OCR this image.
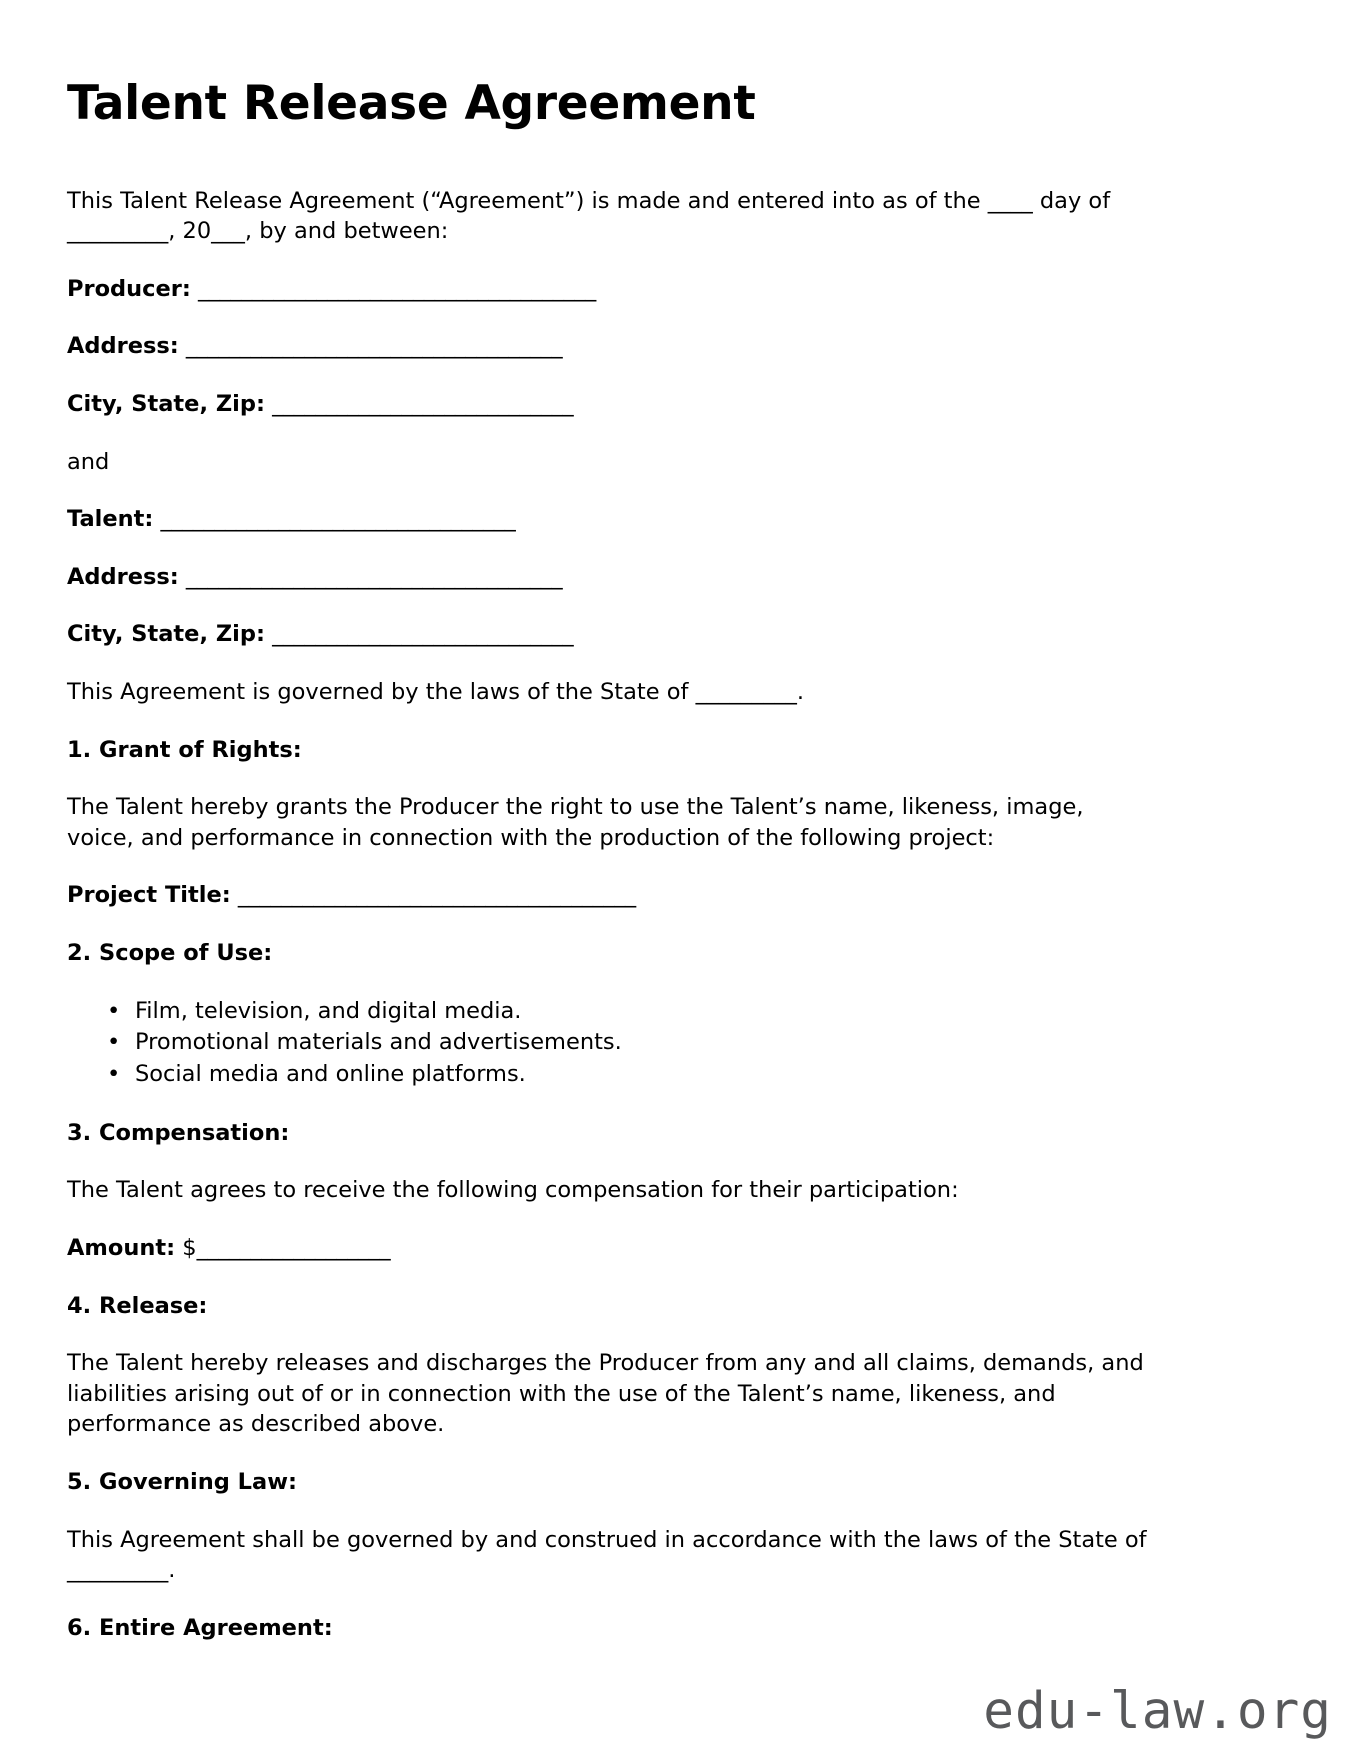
Talent Release Agreement

This Talent Release Agreement (“Agreement”) is made and entered into as of the ____ day of _________, 20___, by and between:

Producer: _____________________________________
Address: ___________________________________
City, State, Zip: ____________________________
and
Talent: _________________________________
Address: ___________________________________
City, State, Zip: ____________________________

This Agreement is governed by the laws of the State of _________.

1. Grant of Rights:

The Talent hereby grants the Producer the right to use the Talent’s name, likeness, image, voice, and performance in connection with the production of the following project:

Project Title: _____________________________________
2. Scope of Use:
• Film, television, and digital media.
• Promotional materials and advertisements.
• Social media and online platforms.
3. Compensation:

The Talent agrees to receive the following compensation for their participation:

Amount: $__________________
4. Release:

The Talent hereby releases and discharges the Producer from any and all claims, demands, and liabilities arising out of or in connection with the use of the Talent’s name, likeness, and performance as described above.

5. Governing Law:

This Agreement shall be governed by and construed in accordance with the laws of the State of _________.

6. Entire Agreement:
edu-law.org
